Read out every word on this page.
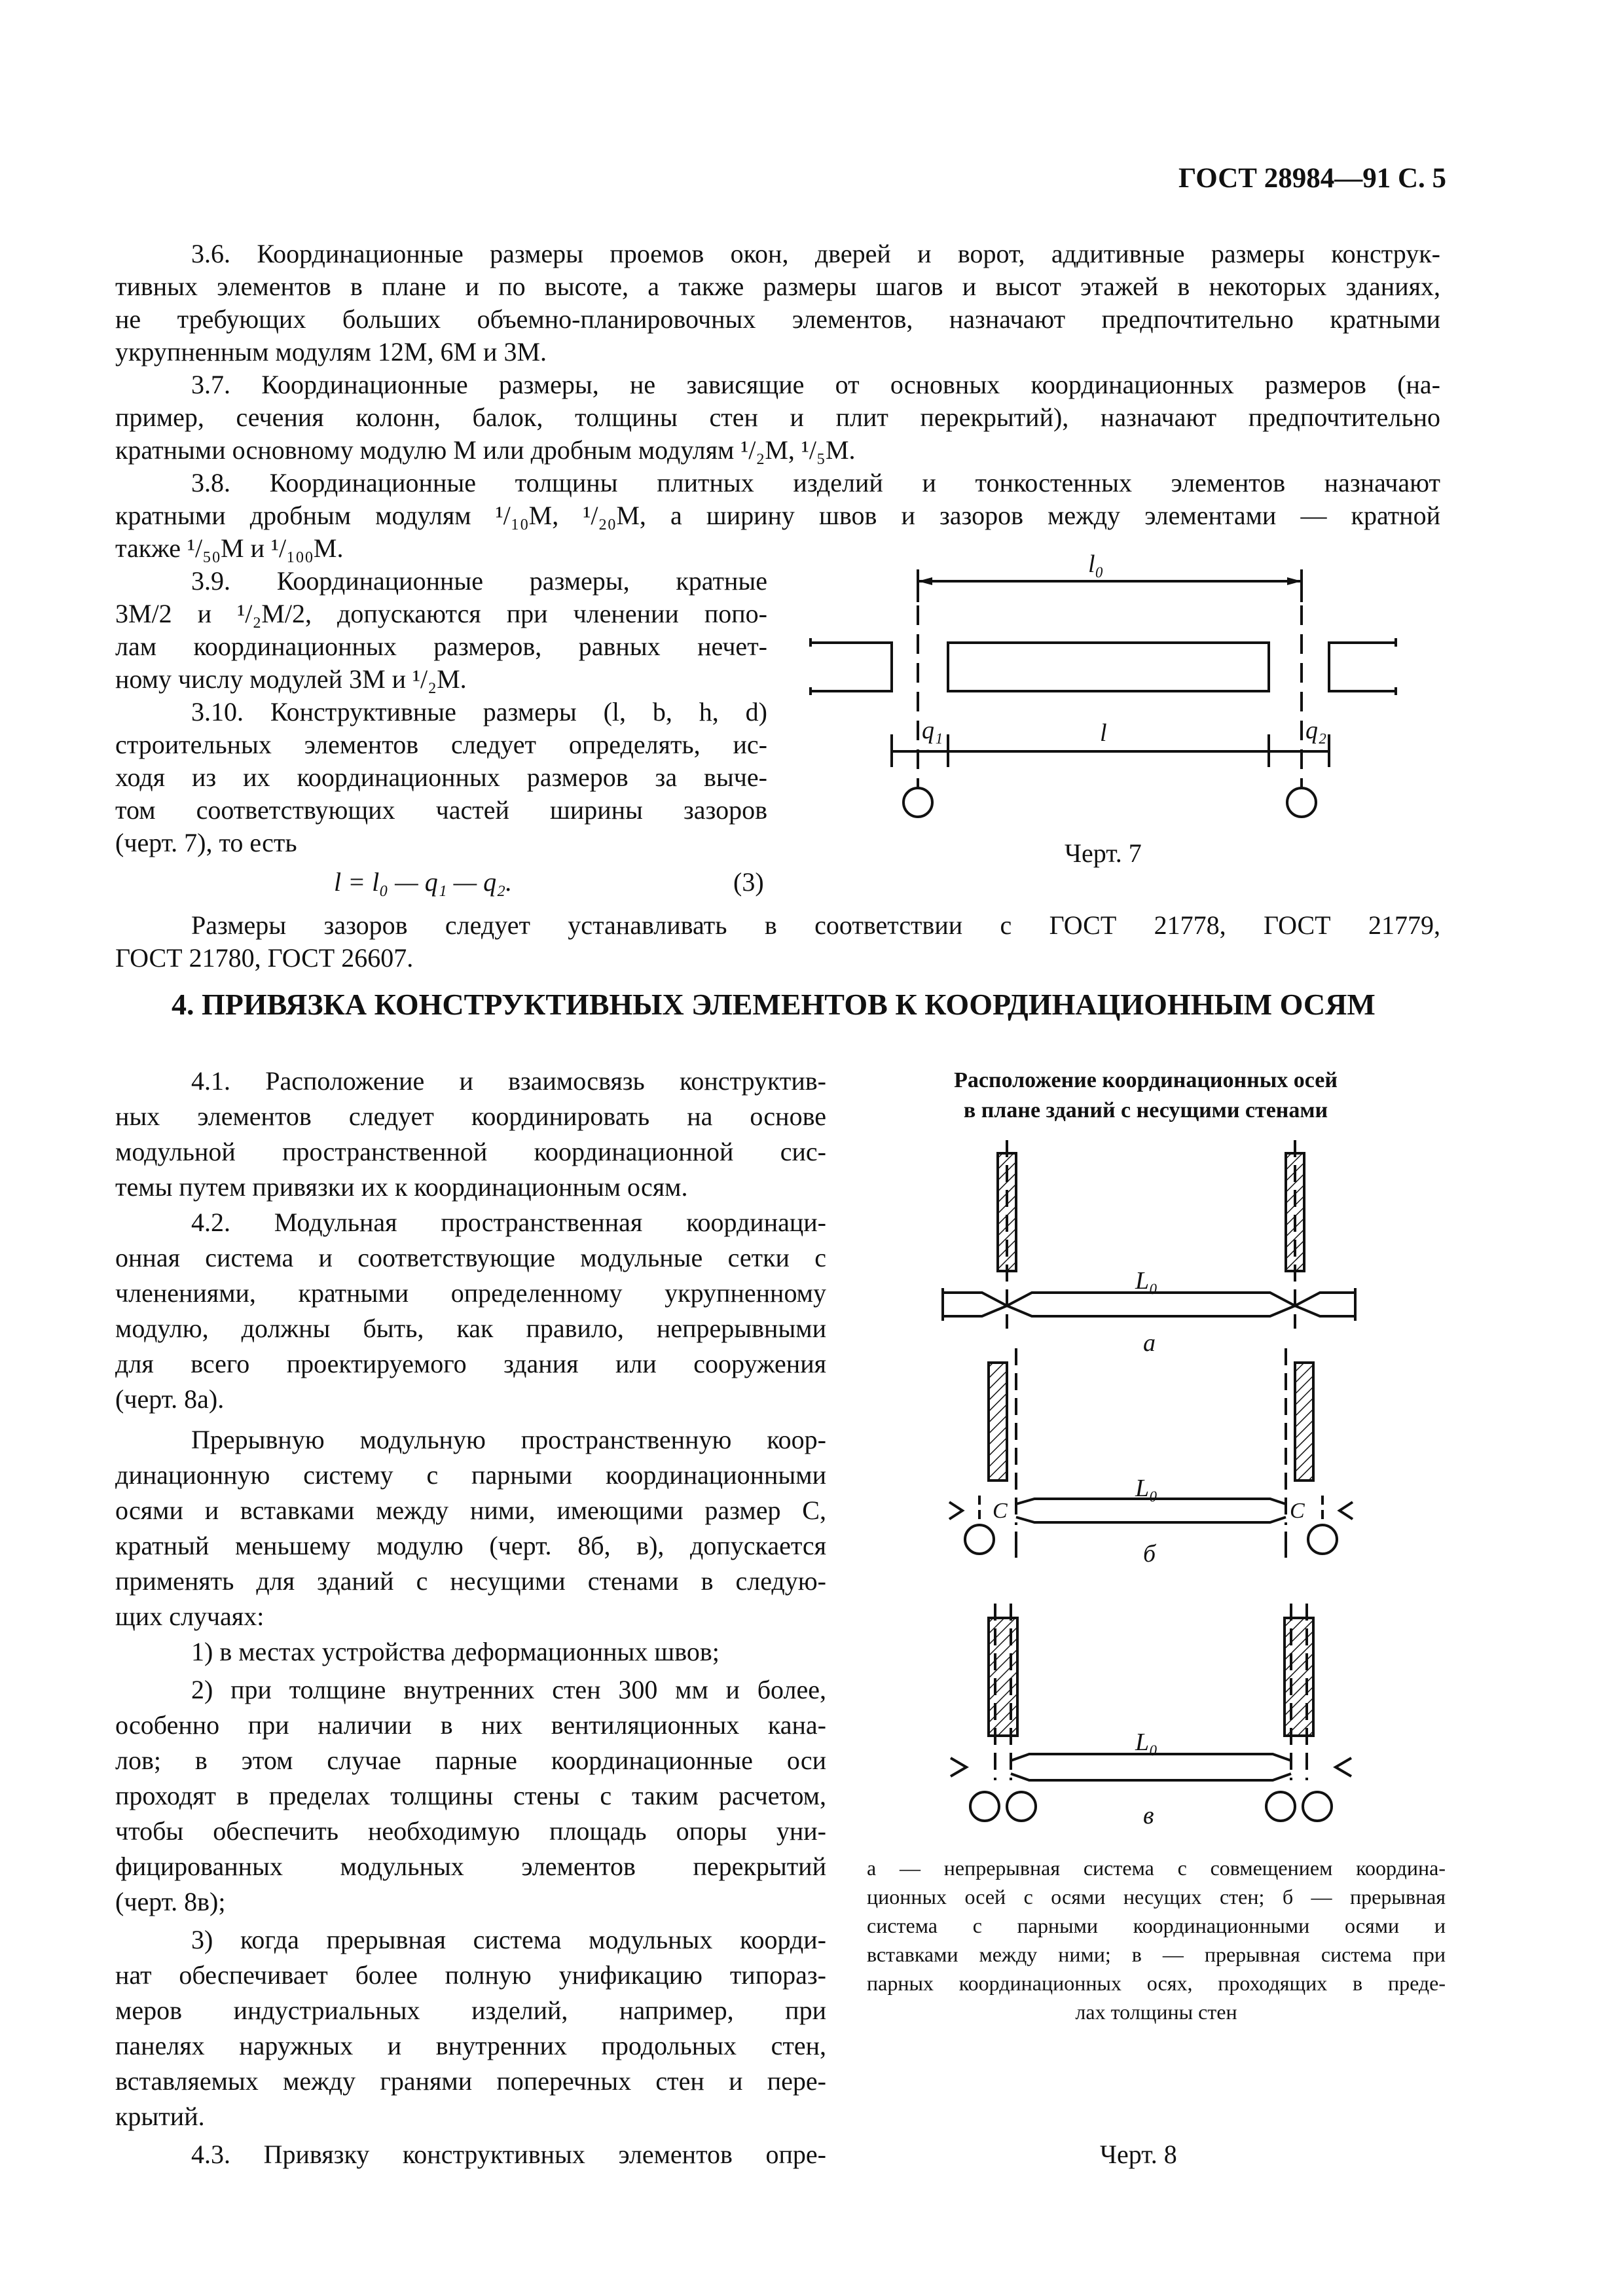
ГОСТ 28984—91 С. 5
3.6. Координационные размеры проемов окон, дверей и ворот, аддитивные размеры конструк-
тивных элементов в плане и по высоте, а также размеры шагов и высот этажей в некоторых зданиях,
не требующих больших объемно-планировочных элементов, назначают предпочтительно кратными
укрупненным модулям 12M, 6M и 3M.
3.7. Координационные размеры, не зависящие от основных координационных размеров (на-
пример, сечения колонн, балок, толщины стен и плит перекрытий), назначают предпочтительно
кратными основному модулю M или дробным модулям ¹/₂M, ¹/₅M.
3.8. Координационные толщины плитных изделий и тонкостенных элементов назначают
кратными дробным модулям ¹/₁₀M, ¹/₂₀M, а ширину швов и зазоров между элементами — кратной
также ¹/₅₀M и ¹/₁₀₀M.
3.9. Координационные размеры, кратные
3M/2 и ¹/₂M/2, допускаются при членении попо-
лам координационных размеров, равных нечет-
ному числу модулей 3M и ¹/₂M.
3.10. Конструктивные размеры (l, b, h, d)
строительных элементов следует определять, ис-
ходя из их координационных размеров за выче-
том соответствующих частей ширины зазоров
(черт. 7), то есть
l = l₀ — q₁ — q₂.	(3)
Размеры зазоров следует устанавливать в соответствии с ГОСТ 21778, ГОСТ 21779,
ГОСТ 21780, ГОСТ 26607.
4. ПРИВЯЗКА КОНСТРУКТИВНЫХ ЭЛЕМЕНТОВ К КООРДИНАЦИОННЫМ ОСЯМ
4.1. Расположение и взаимосвязь конструктив-
ных элементов следует координировать на основе
модульной пространственной координационной сис-
темы путем привязки их к координационным осям.
4.2. Модульная пространственная координаци-
онная система и соответствующие модульные сетки с
членениями, кратными определенному укрупненному
модулю, должны быть, как правило, непрерывными
для всего проектируемого здания или сооружения
(черт. 8а).
Прерывную модульную пространственную коор-
динационную систему с парными координационными
осями и вставками между ними, имеющими размер C,
кратный меньшему модулю (черт. 8б, в), допускается
применять для зданий с несущими стенами в следую-
щих случаях:
1) в местах устройства деформационных швов;
2) при толщине внутренних стен 300 мм и более,
особенно при наличии в них вентиляционных кана-
лов; в этом случае парные координационные оси
проходят в пределах толщины стены с таким расчетом,
чтобы обеспечить необходимую площадь опоры уни-
фицированных модульных элементов перекрытий
(черт. 8в);
3) когда прерывная система модульных коорди-
нат обеспечивает более полную унификацию типораз-
меров индустриальных изделий, например, при
панелях наружных и внутренних продольных стен,
вставляемых между гранями поперечных стен и пере-
крытий.
4.3. Привязку конструктивных элементов опре-
l₀
l
q₁	q₂
Черт. 7
Расположение координационных осей
в плане зданий с несущими стенами
L₀
а
L₀
C	C
б
L₀
в
а — непрерывная система с совмещением координа-
ционных осей с осями несущих стен; б — прерывная
система с парными координационными осями и
вставками между ними; в — прерывная система при
парных координационных осях, проходящих в преде-
лах толщины стен
Черт. 8
